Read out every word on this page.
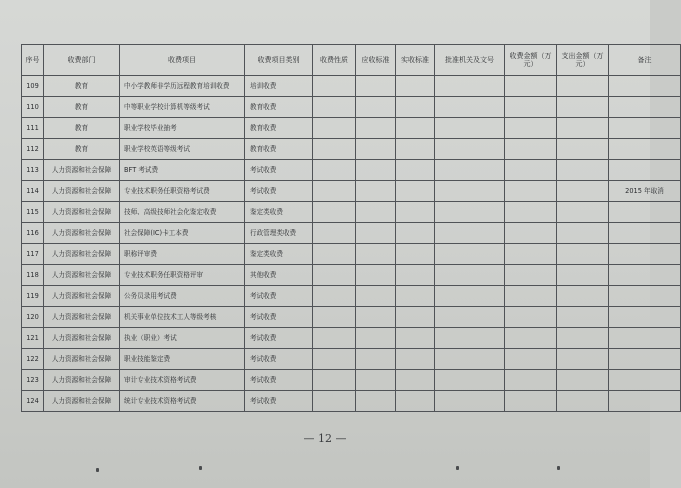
序号	收费部门	收费项目	收费项目类别	收费性质	应收标准	实收标准	批准机关及文号	收费金额（万元）	支出金额（万元）	备注
109	教育	中小学教师非学历远程教育培训收费	培训收费							
110	教育	中等职业学校计算机等级考试	教育收费							
111	教育	职业学校毕业抽考	教育收费							
112	教育	职业学校英语等级考试	教育收费							
113	人力资源和社会保障	BFT 考试费	考试收费							
114	人力资源和社会保障	专业技术职务任职资格考试费	考试收费							2015 年取消
115	人力资源和社会保障	技师、高级技师社会化鉴定收费	鉴定类收费							
116	人力资源和社会保障	社会保障(IC)卡工本费	行政管理类收费							
117	人力资源和社会保障	职称评审费	鉴定类收费							
118	人力资源和社会保障	专业技术职务任职资格评审	其他收费							
119	人力资源和社会保障	公务员录用考试费	考试收费							
120	人力资源和社会保障	机关事业单位技术工人等级考核	考试收费							
121	人力资源和社会保障	执业（职业）考试	考试收费							
122	人力资源和社会保障	职业技能鉴定费	考试收费							
123	人力资源和社会保障	审计专业技术资格考试费	考试收费							
124	人力资源和社会保障	统计专业技术资格考试费	考试收费							
— 12 —
